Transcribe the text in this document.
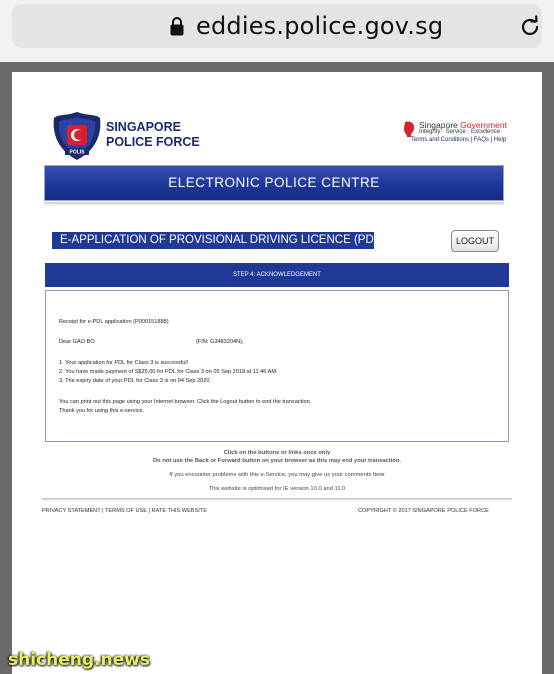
eddies.police.gov.sg
POLIS
SINGAPORE
POLICE FORCE
Singapore Government
Integrity · Service · Excellence
Terms and Conditions | FAQs | Help
ELECTRONIC POLICE CENTRE
E-APPLICATION OF PROVISIONAL DRIVING LICENCE (PDL)	LOGOUT
STEP 4: ACKNOWLEDGEMENT
Receipt for e-PDL application (P000151888)
Dear GAO BO	(FIN: G3483204N),
1. Your application for PDL for Class 3 is successful!
2. You have made payment of S$25.00 for PDL for Class 3 on 05 Sep 2018 at 11:46 AM.
3. The expiry date of your PDL for Class 3 is on 04 Sep 2020.
You can print out this page using your Internet browser. Click the Logout button to end the transaction.
Thank you for using this e-service.
Click on the buttons or links once only
Do not use the Back or Forward button on your browser as this may end your transaction.
If you encounter problems with this e-Service, you may give us your comments here
This website is optimised for IE version 10.0 and 11.0
PRIVACY STATEMENT | TERMS OF USE | RATE THIS WEBSITE	COPYRIGHT © 2017 SINGAPORE POLICE FORCE
shicheng.news
